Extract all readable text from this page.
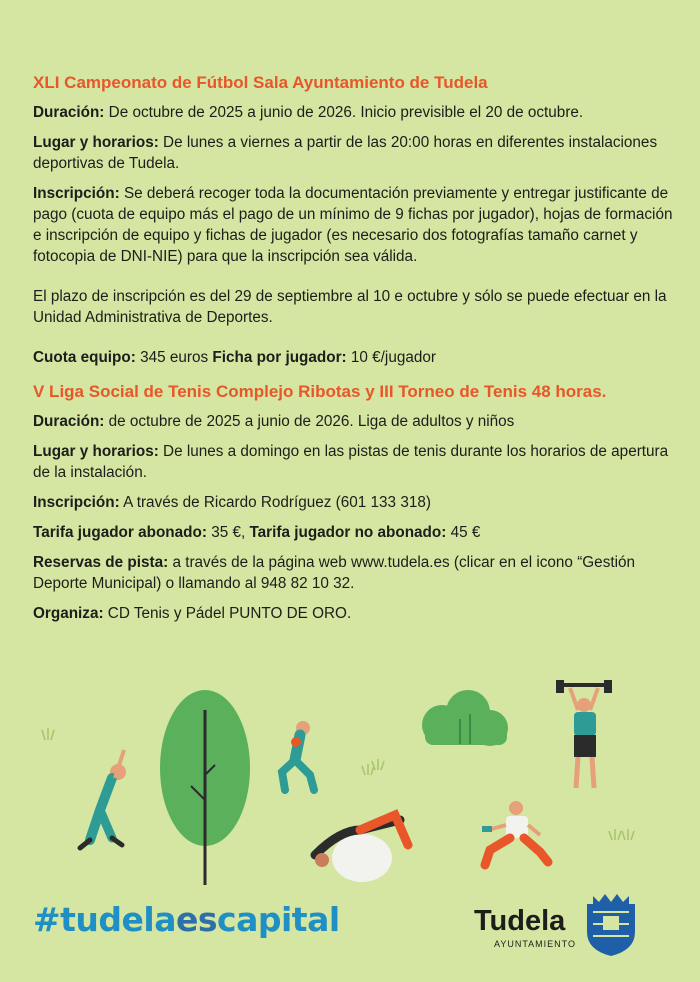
XLI Campeonato de Fútbol Sala Ayuntamiento de Tudela

Duración: De octubre de 2025 a junio de 2026. Inicio previsible el 20 de octubre.

Lugar y horarios: De lunes a viernes a partir de las 20:00 horas en diferentes instalaciones deportivas de Tudela.

Inscripción: Se deberá recoger toda la documentación previamente y entregar justificante de pago (cuota de equipo más el pago de un mínimo de 9 fichas por jugador), hojas de formación e inscripción de equipo y fichas de jugador (es necesario dos fotografías tamaño carnet y fotocopia de DNI-NIE) para que la inscripción sea válida.

El plazo de inscripción es del 29 de septiembre al 10 e octubre y sólo se puede efectuar en la Unidad Administrativa de Deportes.

Cuota equipo: 345 euros Ficha por jugador: 10 €/jugador

V Liga Social de Tenis Complejo Ribotas y III Torneo de Tenis 48 horas.

Duración: de octubre de 2025 a junio de 2026. Liga de adultos y niños

Lugar y horarios: De lunes a domingo en las pistas de tenis durante los horarios de apertura de la instalación.

Inscripción: A través de Ricardo Rodríguez (601 133 318)

Tarifa jugador abonado: 35 €, Tarifa jugador no abonado: 45 €

Reservas de pista: a través de la página web www.tudela.es (clicar en el icono “Gestión Deporte Municipal) o llamando al 948 82 10 32.

Organiza: CD Tenis y Pádel PUNTO DE ORO.

#tudelaescapital	Tudela
AYUNTAMIENTO
